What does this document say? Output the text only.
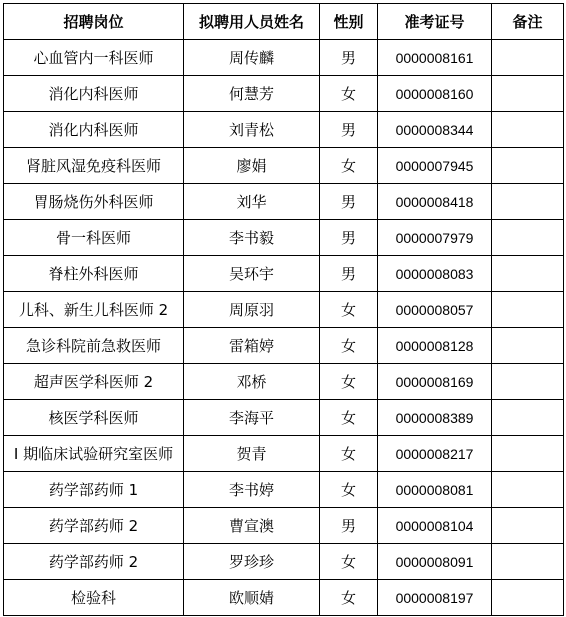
招聘岗位	拟聘用人员姓名	性别	准考证号	备注
心血管内一科医师	周传麟	男	0000008161	
消化内科医师	何慧芳	女	0000008160	
消化内科医师	刘青松	男	0000008344	
肾脏风湿免疫科医师	廖娟	女	0000007945	
胃肠烧伤外科医师	刘华	男	0000008418	
骨一科医师	李书毅	男	0000007979	
脊柱外科医师	吴环宇	男	0000008083	
儿科、新生儿科医师 2	周原羽	女	0000008057	
急诊科院前急救医师	雷箱婷	女	0000008128	
超声医学科医师 2	邓桥	女	0000008169	
核医学科医师	李海平	女	0000008389	
I 期临床试验研究室医师	贺青	女	0000008217	
药学部药师 1	李书婷	女	0000008081	
药学部药师 2	曹宣澳	男	0000008104	
药学部药师 2	罗珍珍	女	0000008091	
检验科	欧顺婧	女	0000008197	
